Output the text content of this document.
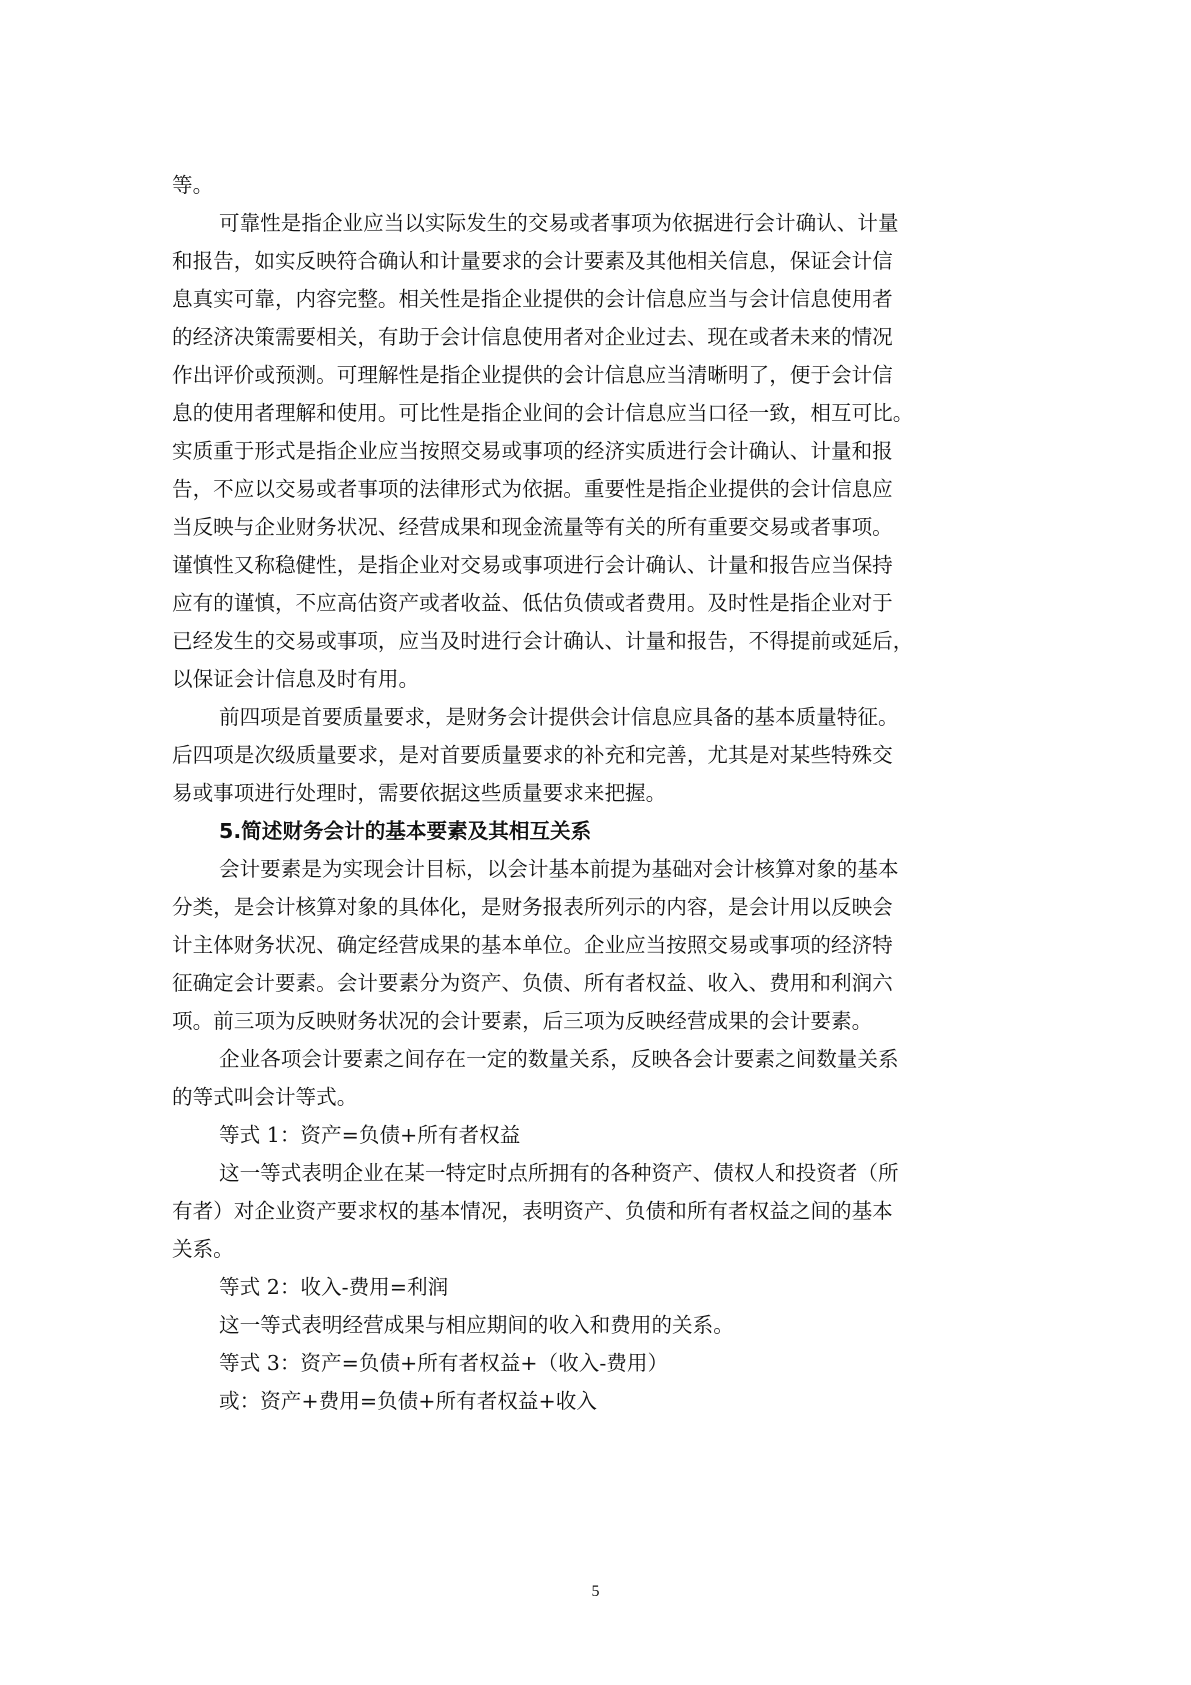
等。

可靠性是指企业应当以实际发生的交易或者事项为依据进行会计确认、计量

和报告，如实反映符合确认和计量要求的会计要素及其他相关信息，保证会计信

息真实可靠，内容完整。相关性是指企业提供的会计信息应当与会计信息使用者

的经济决策需要相关，有助于会计信息使用者对企业过去、现在或者未来的情况

作出评价或预测。可理解性是指企业提供的会计信息应当清晰明了，便于会计信

息的使用者理解和使用。可比性是指企业间的会计信息应当口径一致，相互可比。

实质重于形式是指企业应当按照交易或事项的经济实质进行会计确认、计量和报

告，不应以交易或者事项的法律形式为依据。重要性是指企业提供的会计信息应

当反映与企业财务状况、经营成果和现金流量等有关的所有重要交易或者事项。

谨慎性又称稳健性，是指企业对交易或事项进行会计确认、计量和报告应当保持

应有的谨慎，不应高估资产或者收益、低估负债或者费用。及时性是指企业对于

已经发生的交易或事项，应当及时进行会计确认、计量和报告，不得提前或延后，

以保证会计信息及时有用。

前四项是首要质量要求，是财务会计提供会计信息应具备的基本质量特征。

后四项是次级质量要求，是对首要质量要求的补充和完善，尤其是对某些特殊交

易或事项进行处理时，需要依据这些质量要求来把握。

5.简述财务会计的基本要素及其相互关系

会计要素是为实现会计目标，以会计基本前提为基础对会计核算对象的基本

分类，是会计核算对象的具体化，是财务报表所列示的内容，是会计用以反映会

计主体财务状况、确定经营成果的基本单位。企业应当按照交易或事项的经济特

征确定会计要素。会计要素分为资产、负债、所有者权益、收入、费用和利润六

项。前三项为反映财务状况的会计要素，后三项为反映经营成果的会计要素。

企业各项会计要素之间存在一定的数量关系，反映各会计要素之间数量关系

的等式叫会计等式。

等式 1：资产=负债+所有者权益

这一等式表明企业在某一特定时点所拥有的各种资产、债权人和投资者（所

有者）对企业资产要求权的基本情况，表明资产、负债和所有者权益之间的基本

关系。

等式 2：收入-费用=利润

这一等式表明经营成果与相应期间的收入和费用的关系。

等式 3：资产=负债+所有者权益+（收入-费用）

或：资产+费用=负债+所有者权益+收入

5
